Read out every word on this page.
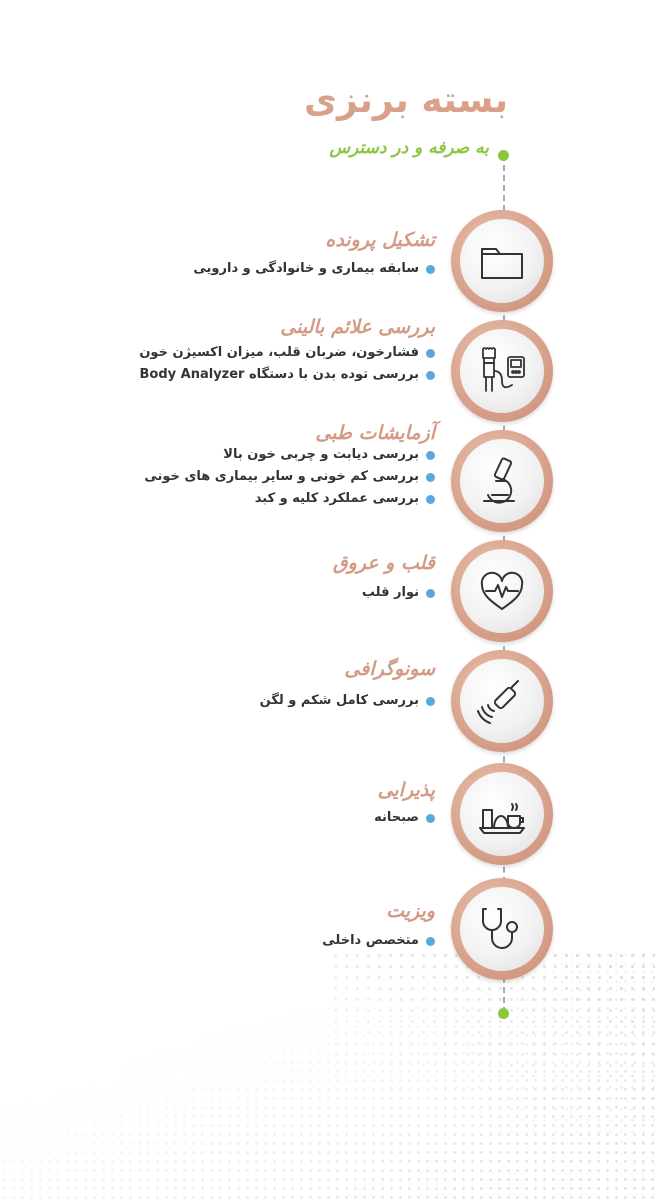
بسته برنزی
به صرفه و در دسترس
تشکیل پرونده
سابقه بیماری و خانوادگی و دارویی
بررسی علائم بالینی
فشارخون، ضربان قلب، میزان اکسیژن خون
بررسی توده بدن با دستگاه Body Analyzer
آزمایشات طبی
بررسی دیابت و چربی خون بالا
بررسی کم خونی و سایر بیماری های خونی
بررسی عملکرد کلیه و کبد
قلب و عروق
نوار قلب
سونوگرافی
بررسی کامل شکم و لگن
پذیرایی
صبحانه
ویزیت
متخصص داخلی
